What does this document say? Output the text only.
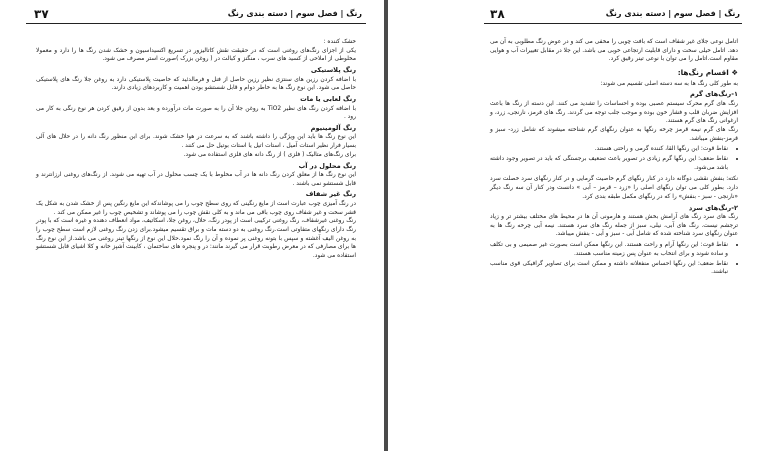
۳۷	رنگ | فصل سوم | دسته بندی رنگ

خشک کننده :
یکی از اجزای رنگ‌های روغنی است که در حقیقت نقش کاتالیزور در تسریع اکسیداسیون و خشک شدن رنگ ها را دارد و معمولا مخلوطی از املاحی از کسید های سرب ، منگنز و کبالت در ( روغن بزرک )صورت استر مصرف می شود.

رنگ پلاستیکی

با اضافه کردن رزین های سنتزی نظیر رزین حاصل از فنل و فرمالدئید که خاصیت پلاستیکی دارد به روغن جلا رنگ های پلاستیکی حاصل می شود. این نوع رنگ ها به خاطر دوام و قابل شستشو بودن اهمیت و کاربردهای زیادی دارند.

رنگ لعابی یا مات

با اضافه کردن رنگ های نظیر TiO2 به روغن جلا آن را به صورت مات درآورده و بعد بدون از رقیق کردن هر نوع رنگی به کار می رود .

رنگ آلومینیوم

این نوع رنگ ها باید این ویژگی را داشته باشند که به سرعت در هوا خشک شوند. برای این منظور رنگ دانه را در حلال های آلی بسیار فرار نظیر استات آمیل ، استات اتیل یا استات بوتیل حل می کنند .
برای رنگ‌های متالیک ( فلزی ) از رنگ دانه های فلزی استفاده می شود.

رنگ محلول در آب

این نوع رنگ ها از معلق کردن رنگ دانه ها در آب مخلوط با یک چسب محلول در آب تهیه می شوند. از رنگ‌های روغنی ارزانترند و قابل شستشو نمی باشند .

رنگ غیر شفاف

در رنگ آمیزی چوب عبارت است از مایع رنگینی که روی سطح چوب را می پوشاندکه این مایع رنگین پس از خشک شدن به شکل یک قشر سخت و غیر شفاف روی چوب باقی می ماند و به کلی نقش چوب را می پوشاند و تشخیص چوب را غیر ممکن می کند .
رنگ روغنی غیرشفاف، رنگ روغنی ترکیبی است از پودر رنگ، حلال، روغن جلا، اسکاتیف، مواد انعطاف دهنده و غیره است که با پودر رنگ دارای رنگهای متفاوتی است.رنگ روغنی به دو دسته مات و براق تقسیم میشود.برای زدن رنگ روغنی لازم است سطح چوب را به روغن الیف آغشته و سپس با بتونه روغنی پر نموده و آن را رنگ نمود.حلال این نوع از رنگها تینر روغنی می باشد.از این نوع رنگ ها برای مصارفی که در معرض رطوبت قرار می گیرند مانند: در و پنجره های ساختمان ، کابینت آشپز خانه و کلا اشیای قابل شستشو استفاده می شود.

۳۸	رنگ | فصل سوم | دسته بندی رنگ

اتامل نوعی جلای غیر شفاف است که بافت چوبی را مخفی می کند و در عوض رنگ مطلوبی به آن می دهد. اتامل خیلی سخت و دارای قابلیت ارتجاعی خوبی می باشد. این جلا در مقابل تغییرات آب و هوایی مقاوم است.اتامل را می توان با نوعی تینر رقیق کرد.

❖ اقسام رنگ‌ها:

به طور کلی رنگ ها به سه دسته اصلی تقسیم می شوند:

۱-رنگ‌های گرم

رنگ های گرم محرک سیستم عصبی بوده و احساسات را تشدید می کنند. این دسته از رنگ ها باعث افزایش ضربان قلب و فشار خون بوده و موجب جلب توجه می گردند. رنگ های قرمز، نارنجی، زرد، و ارغوانی رنگ های گرم هستند.
رنگ های گرم نیمه قرمز چرخه رنگها به عنوان رنگهای گرم شناخته میشوند که شامل زرد- سبز و قرمز-بنفش میباشد.

• نقاط قوت: این رنگها القا، کننده گرمی و راحتی هستند.
• نقاط ضعف: این رنگها گرم زیادی در تصویر باعث تضعیف برجستگی که باید در تصویر وجود داشته باشد می‌شود.

نکته: بنفش نقشی دوگانه دارد در کنار رنگهای گرم خاصیت گرمایی و در کنار رنگهای سرد خصلت سرد دارد. بطور کلی می توان رنگهای اصلی را «زرد – قرمز – آبی » دانست ودر کنار آن سه رنگ دیگر «نارنجی - سبز - بنفش» را که در رنگهای مکمل طبقه بندی کرد.

۲-رنگ‌های سرد

رنگ های سرد رنگ های آرامش بخش هستند و هارمونی آن ها در محیط های مختلف بیشتر تر و زیاد ترجشم نیست. رنگ های آبی، نیلی، سبز از جمله رنگ های سرد هستند. نیمه آبی چرخه رنگ ها به عنوان رنگهای سرد شناخته شده که شامل آبی - سبز و آبی - بنفش میباشد.

• نقاط قوت: این رنگها آرام و راحت هستند. این رنگها ممکن است بصورت غیر صمیمی و بی تکلف و ساده شوند و برای انتخاب به عنوان پس زمینه مناسب هستند.
• نقاط ضعف: این رنگها احساس منفعلانه داشته و ممکن است برای تصاویر گرافیکی قوی مناسب نباشند.
